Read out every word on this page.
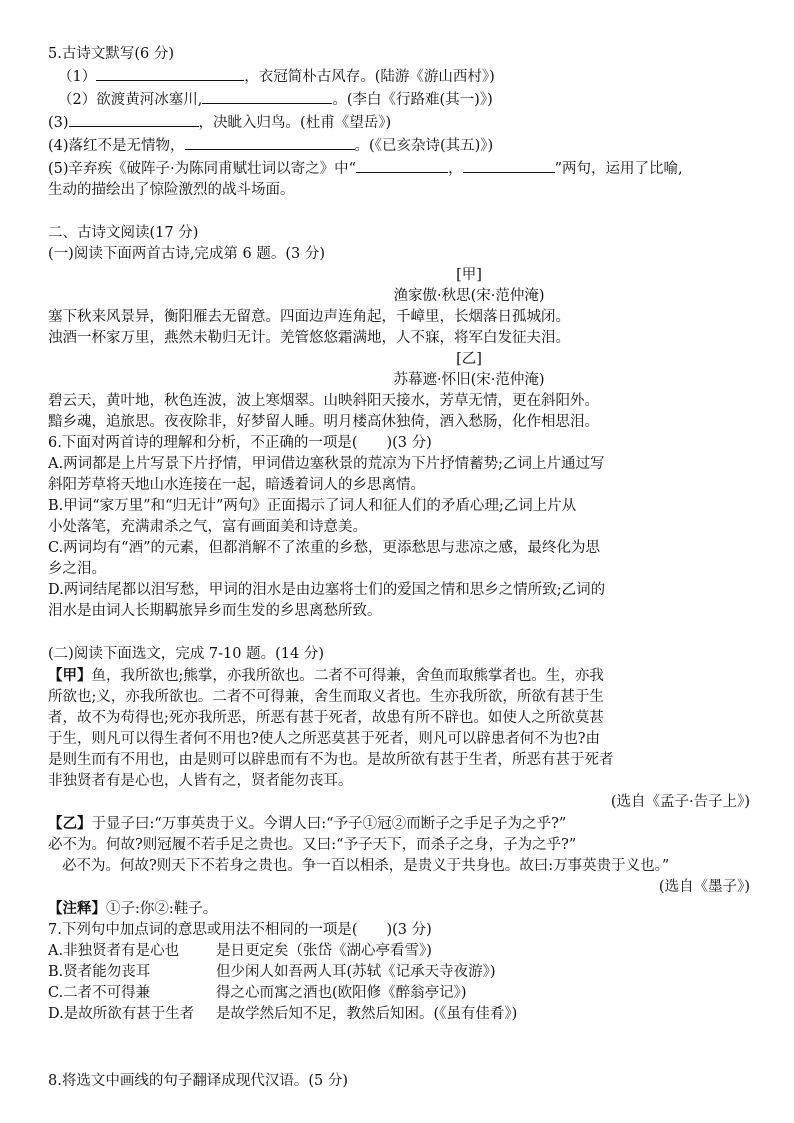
5.古诗文默写(6 分)

（1）	，衣冠简朴古风存。(陆游《游山西村》)

（2）欲渡黄河冰塞川,	。(李白《行路难(其一)》)

(3)	，决眦入归鸟。(杜甫《望岳》)

(4)落红不是无情物，	。(《已亥杂诗(其五)》)

(5)辛弃疾《破阵子·为陈同甫赋壮词以寄之》中“	，	”两句，运用了比喻,

生动的描绘出了惊险激烈的战斗场面。

二、古诗文阅读(17 分)

(一)阅读下面两首古诗,完成第 6 题。(3 分)

[甲]

渔家傲·秋思(宋·范仲淹)

塞下秋来风景异，衡阳雁去无留意。四面边声连角起，千嶂里，长烟落日孤城闭。

浊酒一杯家万里，燕然未勒归无计。羌管悠悠霜满地，人不寐，将军白发征夫泪。

[乙]

苏幕遮·怀旧(宋·范仲淹)

碧云天，黄叶地，秋色连波，波上寒烟翠。山映斜阳天接水，芳草无情，更在斜阳外。

黯乡魂，追旅思。夜夜除非，好梦留人睡。明月楼高休独倚，酒入愁肠，化作相思泪。

6.下面对两首诗的理解和分析，不正确的一项是(　　)(3 分)

A.两词都是上片写景下片抒情，甲词借边塞秋景的荒凉为下片抒情蓄势;乙词上片通过写

斜阳芳草将天地山水连接在一起，暗透着词人的乡思离情。

B.甲词“家万里”和“归无计”两句》正面揭示了词人和征人们的矛盾心理;乙词上片从

小处落笔，充满肃杀之气，富有画面美和诗意美。

C.两词均有“酒”的元素，但都消解不了浓重的乡愁，更添愁思与悲凉之感，最终化为思

乡之泪。

D.两词结尾都以泪写愁，甲词的泪水是由边塞将士们的爱国之情和思乡之情所致;乙词的

泪水是由词人长期羁旅异乡而生发的乡思离愁所致。

(二)阅读下面选文，完成 7-10 题。(14 分)

【甲】鱼，我所欲也;熊掌，亦我所欲也。二者不可得兼，舍鱼而取熊掌者也。生，亦我

所欲也;义，亦我所欲也。二者不可得兼，舍生而取义者也。生亦我所欲，所欲有甚于生

者，故不为苟得也;死亦我所恶，所恶有甚于死者，故患有所不辟也。如使人之所欲莫甚

于生，则凡可以得生者何不用也?使人之所恶莫甚于死者，则凡可以辟患者何不为也?由

是则生而有不用也，由是则可以辟患而有不为也。是故所欲有甚于生者，所恶有甚于死者

非独贤者有是心也，人皆有之，贤者能勿丧耳。

(选自《孟子·告子上》)

【乙】于显子曰:“万事英贵于义。今谓人曰:“予子①冠②而断子之手足子为之乎?”

必不为。何故?则冠履不若手足之贵也。又曰:“予子天下，而杀子之身，子为之乎?”

必不为。何故?则天下不若身之贵也。争一百以相杀，是贵义于共身也。故曰:万事英贵于义也。”

(选自《墨子》)

【注释】①子:你②:鞋子。

7.下列句中加点词的意思或用法不相同的一项是(　　)(3 分)

A.非独贤者有是心也	是日更定矣（张岱《湖心亭看雪》)

B.贤者能勿丧耳	但少闲人如吾两人耳(苏轼《记承天寺夜游》)

C.二者不可得兼	得之心而寓之酒也(欧阳修《醉翁亭记》)

D.是故所欲有甚于生者 是故学然后知不足，教然后知困。(《虽有佳肴》)

8.将选文中画线的句子翻译成现代汉语。(5 分)
